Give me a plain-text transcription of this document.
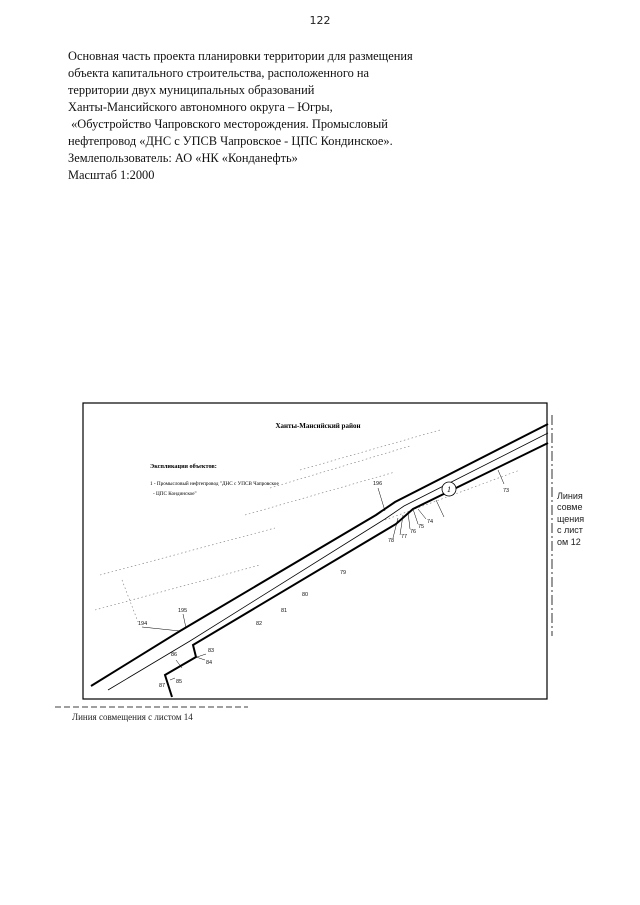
122
Основная часть проекта планировки территории для размещения
объекта капитального строительства, расположенного на
территории двух муниципальных образований
Ханты-Мансийского автономного округа – Югры,
«Обустройство Чапровского месторождения. Промысловый
нефтепровод «ДНС с УПСВ Чапровское - ЦПС Кондинское».
Землепользователь: АО «НК «Конданефть»
Масштаб 1:2000
1
Ханты-Мансийский район
Экспликация объектов:
1 - Промысловый нефтепровод "ДНС с УПСВ Чапровское
- ЦПС Кондинское"	73
74
75
76
77
78
79
80
81
82
83
84
85
86
87
194
195
196
Линия совмещения с листом 12
Линия совмещения с листом 14
